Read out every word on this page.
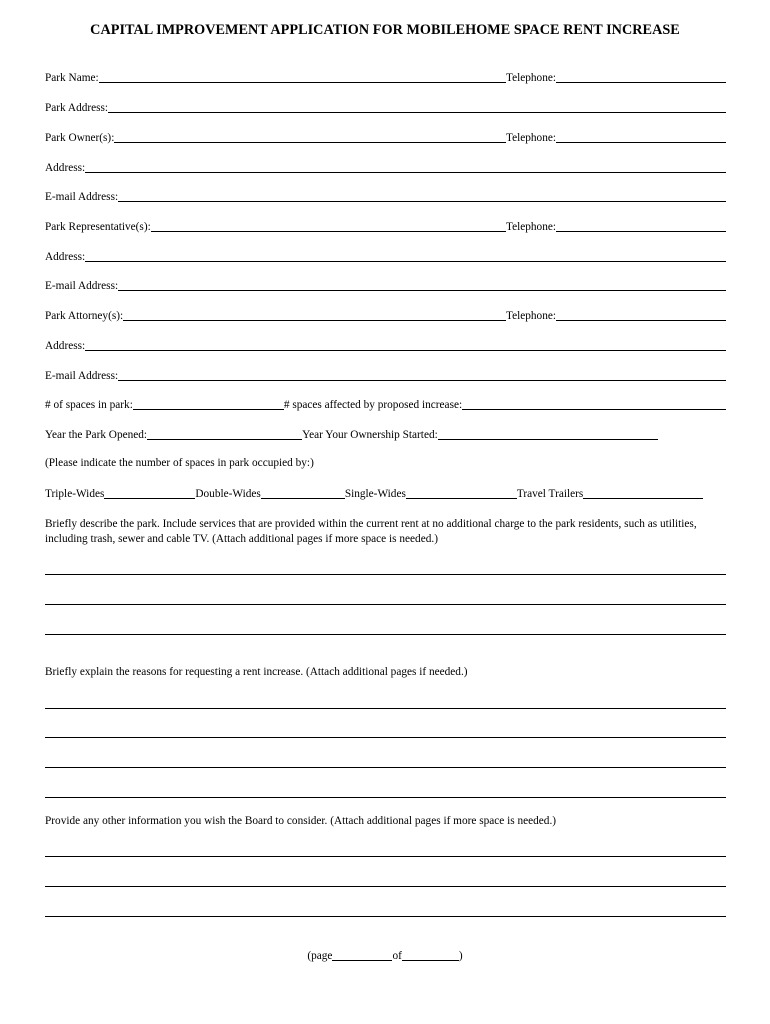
CAPITAL IMPROVEMENT APPLICATION FOR MOBILEHOME SPACE RENT INCREASE
Park Name:	Telephone:
Park Address:
Park Owner(s):	Telephone:
Address:
E-mail Address:
Park Representative(s):	Telephone:
Address:
E-mail Address:
Park Attorney(s):	Telephone:
Address:
E-mail Address:
# of spaces in park:	# spaces affected by proposed increase:
Year the Park Opened:	Year Your Ownership Started:
(Please indicate the number of spaces in park occupied by:)
Triple-Wides	Double-Wides	Single-Wides	Travel Trailers
Briefly describe the park. Include services that are provided within the current rent at no additional charge to the park residents, such as utilities, including trash, sewer and cable TV. (Attach additional pages if more space is needed.)
Briefly explain the reasons for requesting a rent increase. (Attach additional pages if needed.)
Provide any other information you wish the Board to consider. (Attach additional pages if more space is needed.)
(page	of	)
